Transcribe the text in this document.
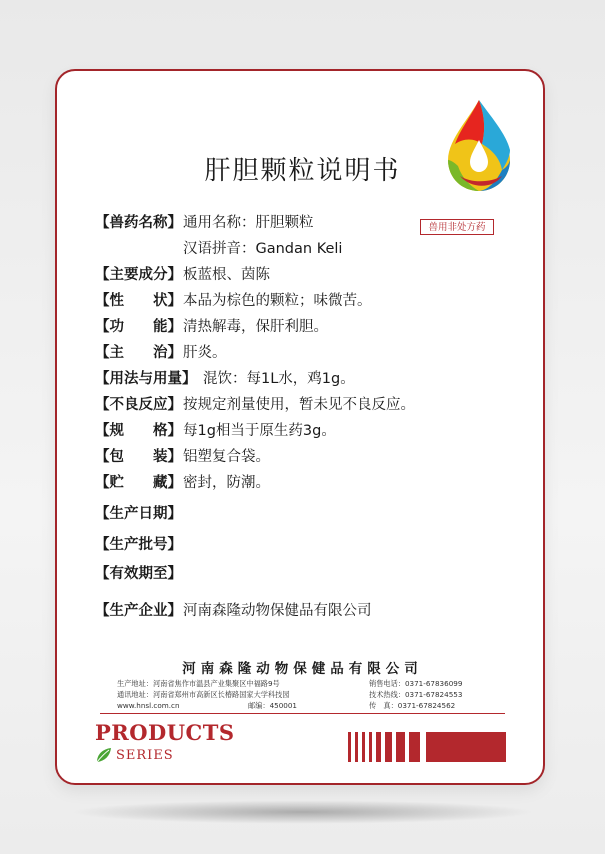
肝胆颗粒说明书
兽用非处方药
【兽药名称】通用名称：肝胆颗粒
汉语拼音：Gandan Keli
【主要成分】板蓝根、茵陈
【性　　状】本品为棕色的颗粒；味微苦。
【功　　能】清热解毒，保肝利胆。
【主　　治】肝炎。
【用法与用量】 混饮：每1L水，鸡1g。
【不良反应】按规定剂量使用，暂未见不良反应。
【规　　格】每1g相当于原生药3g。
【包　　装】铝塑复合袋。
【贮　　藏】密封，防潮。
【生产日期】
【生产批号】
【有效期至】
【生产企业】河南森隆动物保健品有限公司
河南森隆动物保健品有限公司
生产地址：河南省焦作市温县产业集聚区中福路9号
通讯地址：河南省郑州市高新区长椿路国家大学科技园
www.hnsl.com.cn	邮编：450001
销售电话：0371-67836099
技术热线：0371-67824553
传　真：0371-67824562
PRODUCTS
SERIES
